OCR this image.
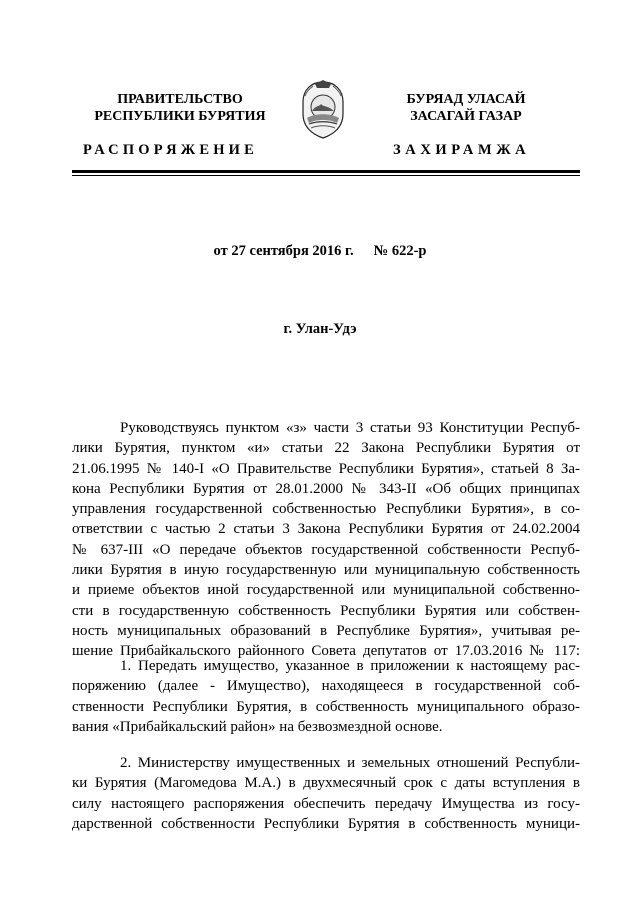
ПРАВИТЕЛЬСТВО
РЕСПУБЛИКИ БУРЯТИЯ
БУРЯАД УЛАСАЙ
ЗАСАГАЙ ГАЗАР
РАСПОРЯЖЕНИЕ	ЗАХИРАМЖА
от 27 сентября 2016 г. № 622-р
г. Улан-Удэ
Руководствуясь пунктом «з» части 3 статьи 93 Конституции Респуб-
лики Бурятия, пунктом «и» статьи 22 Закона Республики Бурятия от
21.06.1995 № 140-I «О Правительстве Республики Бурятия», статьей 8 За-
кона Республики Бурятия от 28.01.2000 № 343-II «Об общих принципах
управления государственной собственностью Республики Бурятия», в со-
ответствии с частью 2 статьи 3 Закона Республики Бурятия от 24.02.2004
№ 637-III «О передаче объектов государственной собственности Респуб-
лики Бурятия в иную государственную или муниципальную собственность
и приеме объектов иной государственной или муниципальной собственно-
сти в государственную собственность Республики Бурятия или собствен-
ность муниципальных образований в Республике Бурятия», учитывая ре-
шение Прибайкальского районного Совета депутатов от 17.03.2016 № 117:
1. Передать имущество, указанное в приложении к настоящему рас-
поряжению (далее - Имущество), находящееся в государственной соб-
ственности Республики Бурятия, в собственность муниципального образо-
вания «Прибайкальский район» на безвозмездной основе.
2. Министерству имущественных и земельных отношений Республи-
ки Бурятия (Магомедова М.А.) в двухмесячный срок с даты вступления в
силу настоящего распоряжения обеспечить передачу Имущества из госу-
дарственной собственности Республики Бурятия в собственность муници-
